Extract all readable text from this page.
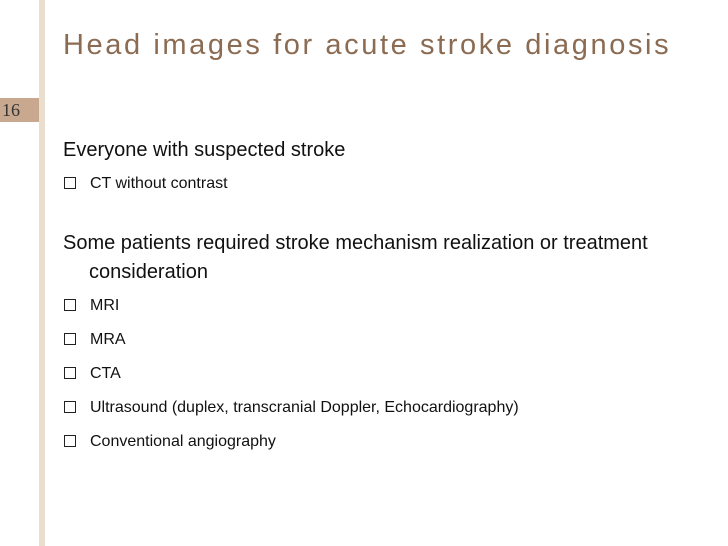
16
Head images for acute stroke diagnosis
Everyone with suspected stroke
CT without contrast
Some patients required stroke mechanism realization or treatment consideration
MRI
MRA
CTA
Ultrasound (duplex, transcranial Doppler, Echocardiography)
Conventional angiography
